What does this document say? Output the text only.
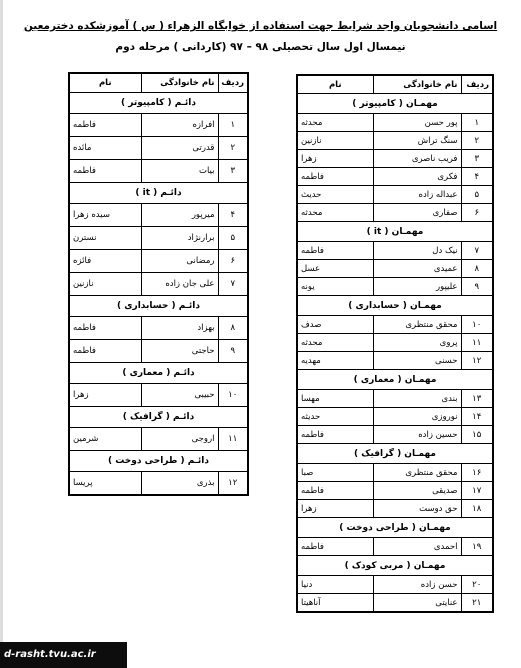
اسامی دانشجویان واجد شرایط جهت استفاده از خوابگاه الزهراء ( س ) آموزشکده دخترمعین
نیمسال اول سال تحصیلی ۹۸ – ۹۷ (کاردانی ) مرحله دوم
ردیف	نام خانوادگی	نام
مهمـان ( کامپیوتر )		
۱	پور حسن	محدثه
۲	سنگ تراش	نازنین
۳	فریب ناصری	زهرا
۴	فکری	فاطمه
۵	عبداله زاده	حدیث
۶	صفاری	محدثه
مهمـان ( it )		
۷	نیک دل	فاطمه
۸	عمیدی	عسل
۹	علیپور	یونه
مهمـان ( حسابداری )		
۱۰	محقق منتظری	صدف
۱۱	پروی	محدثه
۱۲	حسنی	مهدیه
مهمـان ( معماری )		
۱۳	بندی	مهسا
۱۴	نوروزی	حدیثه
۱۵	حسین زاده	فاطمه
مهمـان ( گرافیک )		
۱۶	محقق منتظری	صبا
۱۷	صدیقی	فاطمه
۱۸	حق دوست	زهرا
مهمـان ( طراحی دوخت )		
۱۹	احمدی	فاطمه
مهمـان ( مربی کودک )		
۲۰	حسن زاده	دنیا
۲۱	عنایتی	آناهیتا
ردیف	نام خانوادگی	نام
دائـم ( کامپیوتر )		
۱	افرازه	فاطمه
۲	قدرتی	مائده
۳	بیات	فاطمه
دائـم ( it )		
۴	میرپور	سیده زهرا
۵	برارنژاد	نسترن
۶	رمضانی	فائزه
۷	علی جان زاده	نازنین
دائـم ( حسابداری )		
۸	بهزاد	فاطمه
۹	حاجتی	فاطمه
دائـم ( معماری )		
۱۰	حبیبی	زهرا
دائـم ( گرافیک )		
۱۱	اروجی	شرمین
دائـم ( طراحی دوخت )		
۱۲	بذری	پریسا
d-rasht.tvu.ac.ir
